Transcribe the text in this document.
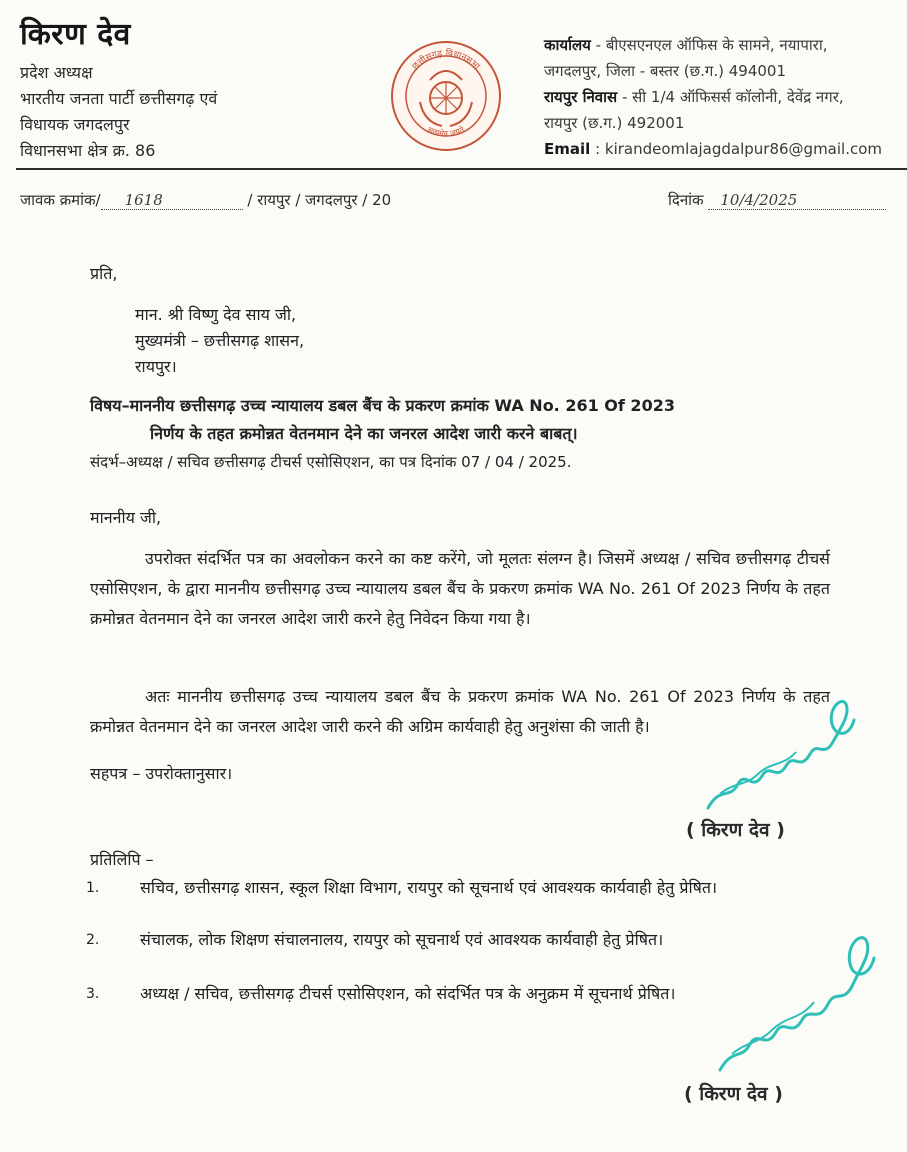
किरण देव
प्रदेश अध्यक्ष
भारतीय जनता पार्टी छत्तीसगढ़ एवं
विधायक जगदलपुर
विधानसभा क्षेत्र क्र. 86
छत्तीसगढ़ विधानसभा
सत्यमेव जयते
कार्यालय - बीएसएनएल ऑफिस के सामने, नयापारा,
जगदलपुर, जिला - बस्तर (छ.ग.) 494001
रायपुर निवास - सी 1/4 ऑफिसर्स कॉलोनी, देवेंद्र नगर,
रायपुर (छ.ग.) 492001
Email : kirandeomlajagdalpur86@gmail.com
जावक क्रमांक/ 1618	/ रायपुर / जगदलपुर / 20	दिनांक 10/4/2025
प्रति,
मान. श्री विष्णु देव साय जी,
मुख्यमंत्री – छत्तीसगढ़ शासन,
रायपुर।
विषय–माननीय छत्तीसगढ़ उच्च न्यायालय डबल बैंच के प्रकरण क्रमांक WA No. 261 Of 2023
निर्णय के तहत क्रमोन्नत वेतनमान देने का जनरल आदेश जारी करने बाबत्।
संदर्भ–अध्यक्ष / सचिव छत्तीसगढ़ टीचर्स एसोसिएशन, का पत्र दिनांक 07 / 04 / 2025.
माननीय जी,
उपरोक्त संदर्भित पत्र का अवलोकन करने का कष्ट करेंगे, जो मूलतः संलग्न है। जिसमें अध्यक्ष / सचिव छत्तीसगढ़ टीचर्स एसोसिएशन, के द्वारा माननीय छत्तीसगढ़ उच्च न्यायालय डबल बैंच के प्रकरण क्रमांक WA No. 261 Of 2023 निर्णय के तहत क्रमोन्नत वेतनमान देने का जनरल आदेश जारी करने हेतु निवेदन किया गया है।
अतः माननीय छत्तीसगढ़ उच्च न्यायालय डबल बैंच के प्रकरण क्रमांक WA No. 261 Of 2023 निर्णय के तहत क्रमोन्नत वेतनमान देने का जनरल आदेश जारी करने की अग्रिम कार्यवाही हेतु अनुशंसा की जाती है।
सहपत्र – उपरोक्तानुसार।
( किरण देव )
प्रतिलिपि –
1.	सचिव, छत्तीसगढ़ शासन, स्कूल शिक्षा विभाग, रायपुर को सूचनार्थ एवं आवश्यक कार्यवाही हेतु प्रेषित।
2.	संचालक, लोक शिक्षण संचालनालय, रायपुर को सूचनार्थ एवं आवश्यक कार्यवाही हेतु प्रेषित।
3.	अध्यक्ष / सचिव, छत्तीसगढ़ टीचर्स एसोसिएशन, को संदर्भित पत्र के अनुक्रम में सूचनार्थ प्रेषित।
( किरण देव )
